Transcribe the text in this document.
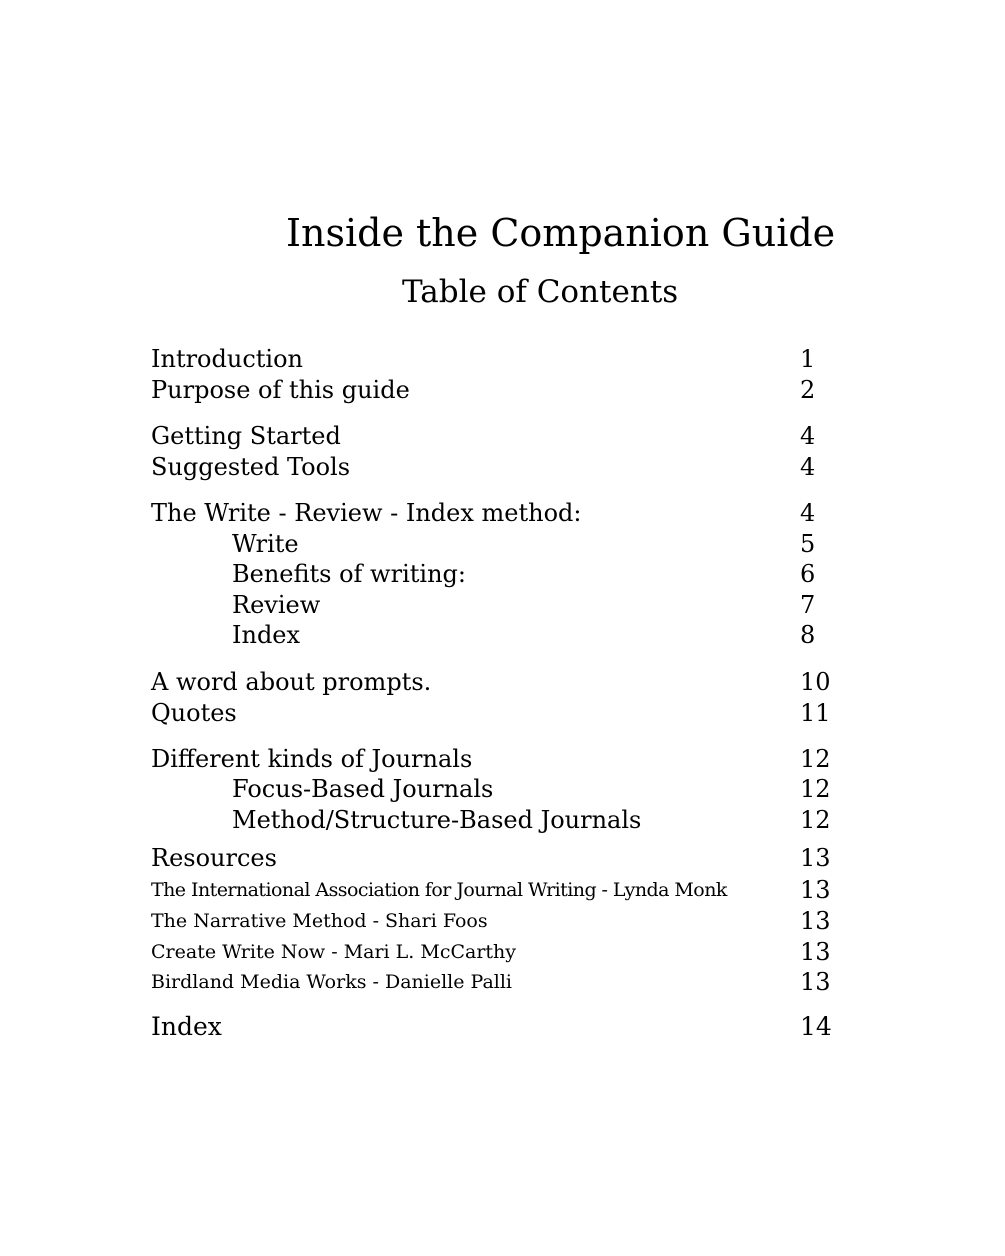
Inside the Companion Guide
Table of Contents
Introduction	1
Purpose of this guide	2
Getting Started	4
Suggested Tools	4
The Write - Review - Index method:	4
Write	5
Benefits of writing:	6
Review	7
Index	8
A word about prompts.	10
Quotes	11
Different kinds of Journals	12
Focus-Based Journals	12
Method/Structure-Based Journals	12
Resources	13
The International Association for Journal Writing - Lynda Monk	13
The Narrative Method - Shari Foos	13
Create Write Now - Mari L. McCarthy	13
Birdland Media Works - Danielle Palli	13
Index	14
